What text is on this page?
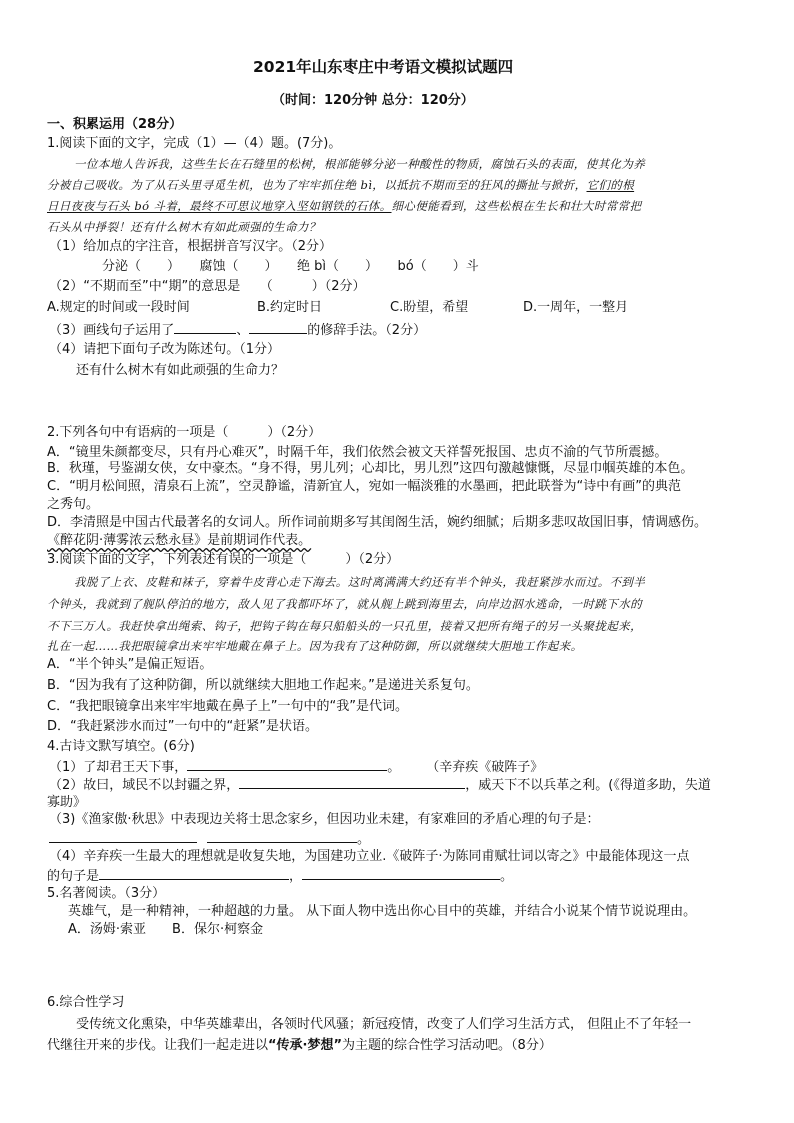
2021年山东枣庄中考语文模拟试题四
（时间：120分钟 总分：120分）
一、积累运用（28分）
1.阅读下面的文字，完成（1）—（4）题。(7分)。
一位本地人告诉我，这些生长在石缝里的松树，根部能够分泌一种酸性的物质，腐蚀石头的表面，使其化为养
分被自己吸收。为了从石头里寻觅生机，也为了牢牢抓住绝 bì，以抵抗不期而至的狂风的撕扯与掀折，它们的根
日日夜夜与石头 bó 斗着，最终不可思议地穿入坚如钢铁的石体。细心便能看到，这些松根在生长和壮大时常常把
石头从中掙裂！还有什么树木有如此顽强的生命力？
（1）给加点的字注音，根据拼音写汉字。（2分）
分泌（　　）　　腐蚀（　　）　　绝 bì（　　）　　bó（　　）斗
（2）“不期而至”中“期”的意思是　　（　　　）（2分）
A.规定的时间或一段时间	B.约定时日	C.盼望，希望	D.一周年，一整月
（3）画线句子运用了	、	的修辞手法。（2分）
（4）请把下面句子改为陈述句。（1分）
还有什么树木有如此顽强的生命力？
2.下列各句中有语病的一项是（　　　）（2分）
A．“镜里朱颜都变尽，只有丹心难灭”，时隔千年，我们依然会被文天祥誓死报国、忠贞不渝的气节所震撼。
B．秋瑾，号鉴湖女侠，女中豪杰。“身不得，男儿列；心却比，男儿烈”这四句激越慷慨，尽显巾帼英雄的本色。
C．“明月松间照，清泉石上流”，空灵静谧，清新宜人，宛如一幅淡雅的水墨画，把此联誉为“诗中有画”的典范
之秀句。
D．李清照是中国古代最著名的女词人。所作词前期多写其闺阁生活，婉约细腻；后期多悲叹故国旧事，情调感伤。
《醉花阴·薄雾浓云愁永昼》是前期词作代表。
3.阅读下面的文字，下列表述有误的一项是（　　　）（2分）
我脱了上衣、皮鞋和袜子，穿着牛皮背心走下海去。这时离满满大约还有半个钟头，我赶紧涉水而过。不到半
个钟头，我就到了舰队停泊的地方，敌人见了我都吓坏了，就从舰上跳到海里去，向岸边泅水逃命，一时跳下水的
不下三万人。我赶快拿出绳索、钩子，把钩子钩在每只船船头的一只孔里，接着又把所有绳子的另一头聚拢起来，
扎在一起……我把眼镜拿出来牢牢地戴在鼻子上。因为我有了这种防御，所以就继续大胆地工作起来。
A．“半个钟头”是偏正短语。
B．“因为我有了这种防御，所以就继续大胆地工作起来。”是递进关系复句。
C．“我把眼镜拿出来牢牢地戴在鼻子上”一句中的“我”是代词。
D．“我赶紧涉水而过”一句中的“赶紧”是状语。
4.古诗文默写填空。(6分)
（1）了却君王天下事，	。　　　（辛弃疾《破阵子》
（2）故曰，域民不以封疆之界，	，威天下不以兵革之利。(《得道多助，失道
寡助》
（3)《渔家傲·秋思》中表现边关将士思念家乡，但因功业未建，有家难回的矛盾心理的句子是：
。
（4）辛弃疾一生最大的理想就是收复失地，为国建功立业.《破阵子·为陈同甫赋壮词以寄之》中最能体现这一点
的句子是	，	。
5.名著阅读。（3分）
英雄气，是一种精神，一种超越的力量。 从下面人物中选出你心目中的英雄，并结合小说某个情节说说理由。
A．汤姆·索亚　　B．保尔·柯察金
6.综合性学习
受传统文化熏染，中华英雄辈出，各领时代风骚；新冠疫情，改变了人们学习生活方式， 但阻止不了年轻一
代继往开来的步伐。让我们一起走进以“传承·梦想”为主题的综合性学习活动吧。（8分）
